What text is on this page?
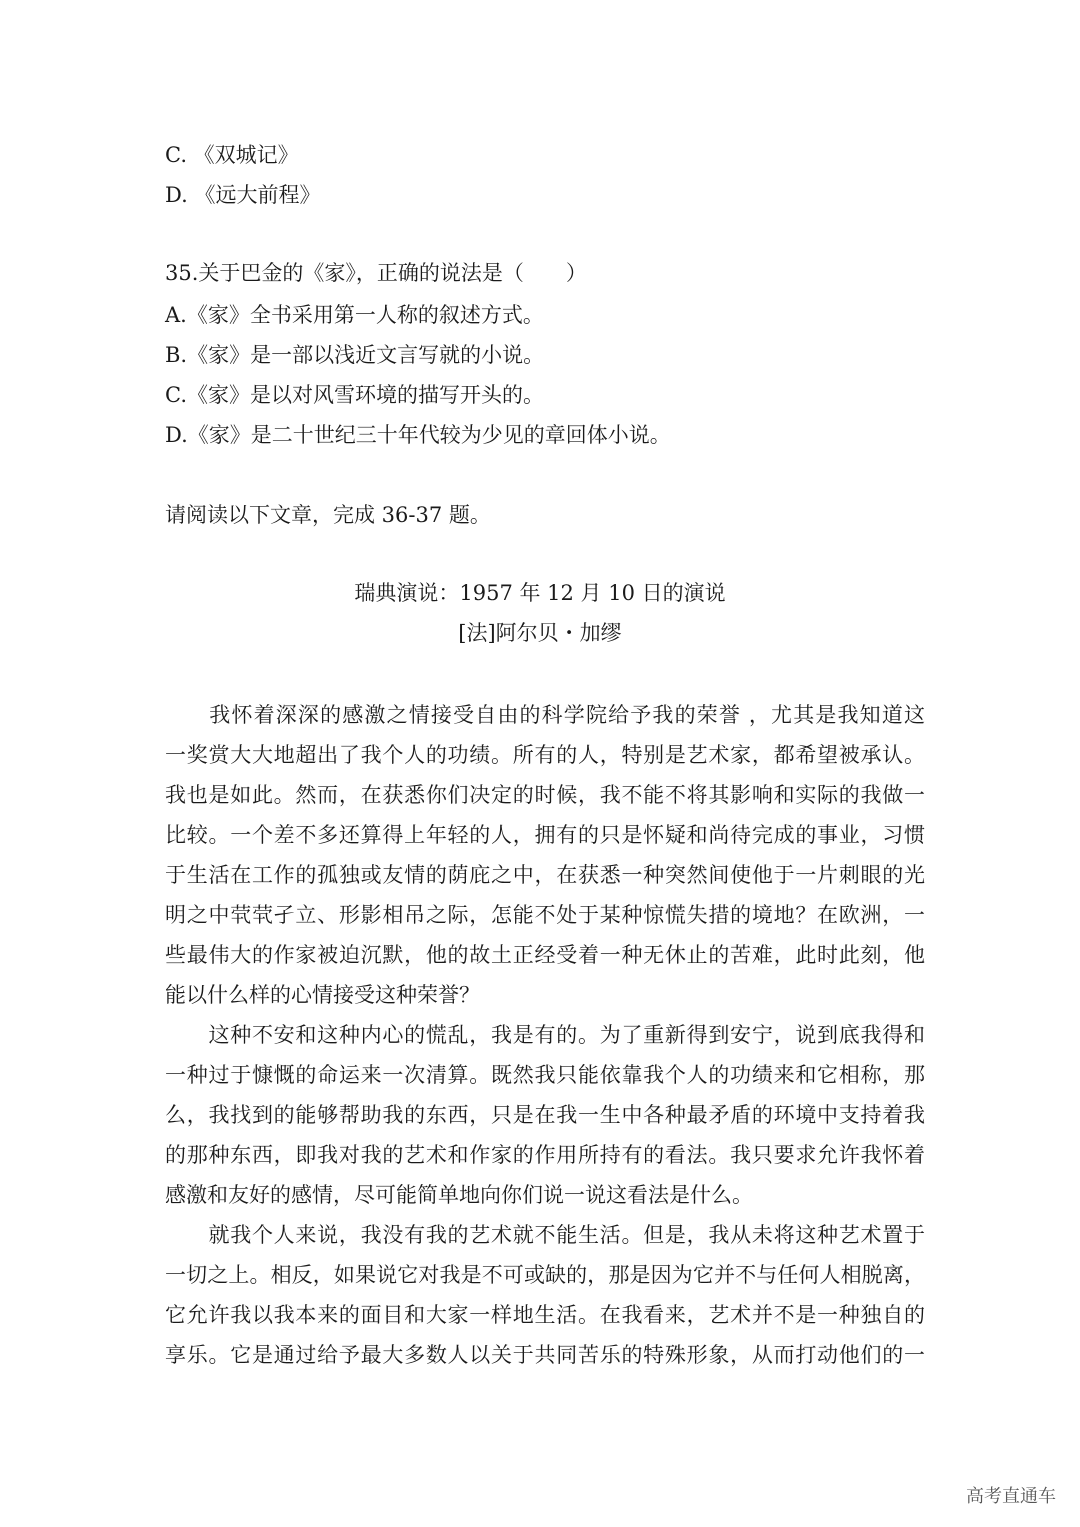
C. 《双城记》
D. 《远大前程》
35.关于巴金的《家》，正确的说法是（　　）
A.《家》全书采用第一人称的叙述方式。
B.《家》是一部以浅近文言写就的小说。
C.《家》是以对风雪环境的描写开头的。
D.《家》是二十世纪三十年代较为少见的章回体小说。
请阅读以下文章，完成 36-37 题。
瑞典演说：1957 年 12 月 10 日的演说
[法]阿尔贝・加缪
　　我怀着深深的感激之情接受自由的科学院给予我的荣誉 ，尤其是我知道这
一奖赏大大地超出了我个人的功绩。所有的人，特别是艺术家，都希望被承认。
我也是如此。然而，在获悉你们决定的时候，我不能不将其影响和实际的我做一
比较。一个差不多还算得上年轻的人，拥有的只是怀疑和尚待完成的事业，习惯
于生活在工作的孤独或友情的荫庇之中，在获悉一种突然间使他于一片刺眼的光
明之中茕茕孑立、形影相吊之际，怎能不处于某种惊慌失措的境地？在欧洲，一
些最伟大的作家被迫沉默，他的故土正经受着一种无休止的苦难，此时此刻，他
能以什么样的心情接受这种荣誉？
　　这种不安和这种内心的慌乱，我是有的。为了重新得到安宁，说到底我得和
一种过于慷慨的命运来一次清算。既然我只能依靠我个人的功绩来和它相称，那
么，我找到的能够帮助我的东西，只是在我一生中各种最矛盾的环境中支持着我
的那种东西，即我对我的艺术和作家的作用所持有的看法。我只要求允许我怀着
感激和友好的感情，尽可能简单地向你们说一说这看法是什么。
　　就我个人来说，我没有我的艺术就不能生活。但是，我从未将这种艺术置于
一切之上。相反，如果说它对我是不可或缺的，那是因为它并不与任何人相脱离，
它允许我以我本来的面目和大家一样地生活。在我看来，艺术并不是一种独自的
享乐。它是通过给予最大多数人以关于共同苦乐的特殊形象，从而打动他们的一
高考直通车
